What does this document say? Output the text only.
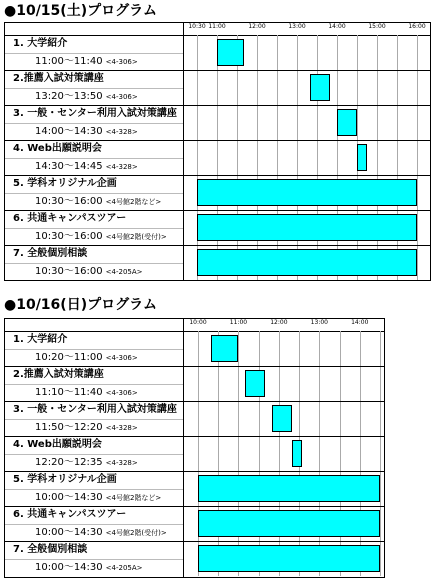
●10/15(土)プログラム
10:30 11:00	12:00	13:00	14:00	15:00	16:00
1. 大学紹介
11:00～11:40 <4-306>
2.推薦入試対策講座
13:20～13:50 <4-306>
3. 一般・センター利用入試対策講座
14:00～14:30 <4-328>
4. Web出願説明会
14:30～14:45 <4-328>
5. 学科オリジナル企画
10:30～16:00 <4号館2階など>
6. 共通キャンパスツアー
10:30～16:00 <4号館2階(受付)>
7. 全般個別相談
10:30～16:00 <4-205A>
●10/16(日)プログラム
10:00	11:00	12:00	13:00	14:00
1. 大学紹介
10:20～11:00 <4-306>
2.推薦入試対策講座
11:10～11:40 <4-306>
3. 一般・センター利用入試対策講座
11:50～12:20 <4-328>
4. Web出願説明会
12:20～12:35 <4-328>
5. 学科オリジナル企画
10:00～14:30 <4号館2階など>
6. 共通キャンパスツアー
10:00～14:30 <4号館2階(受付)>
7. 全般個別相談
10:00～14:30 <4-205A>
